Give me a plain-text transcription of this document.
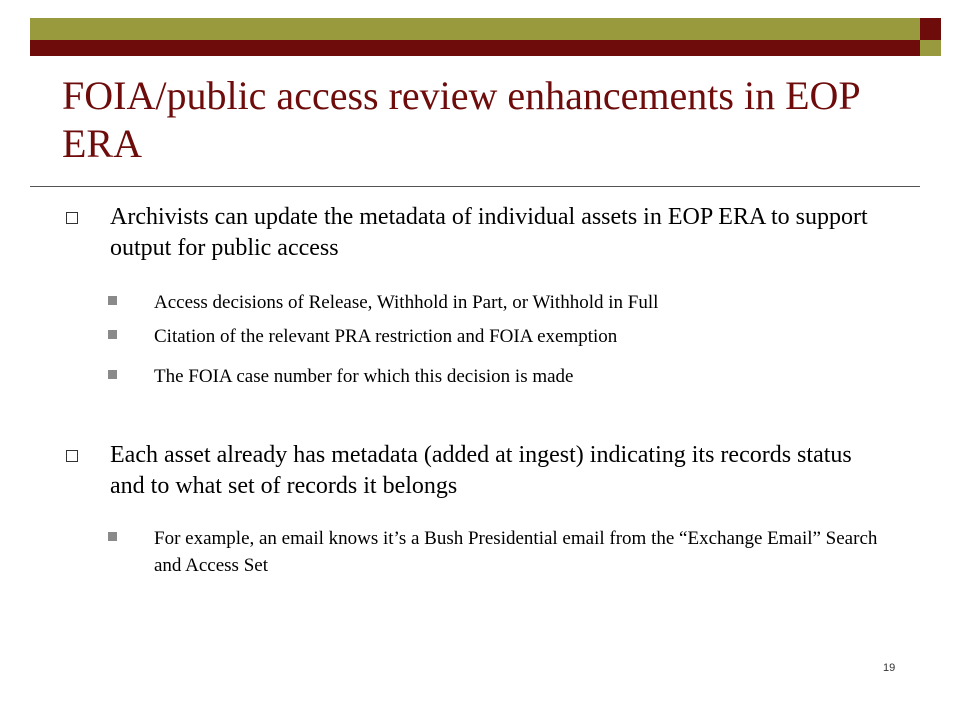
FOIA/public access review enhancements in EOP ERA
Archivists can update the metadata of individual assets in EOP ERA to support output for public access
Access decisions of Release, Withhold in Part, or Withhold in Full
Citation of the relevant PRA restriction and FOIA exemption
The FOIA case number for which this decision is made
Each asset already has metadata (added at ingest) indicating its records status and to what set of records it belongs
For example, an email knows it’s a Bush Presidential email from the “Exchange Email” Search and Access Set
19
